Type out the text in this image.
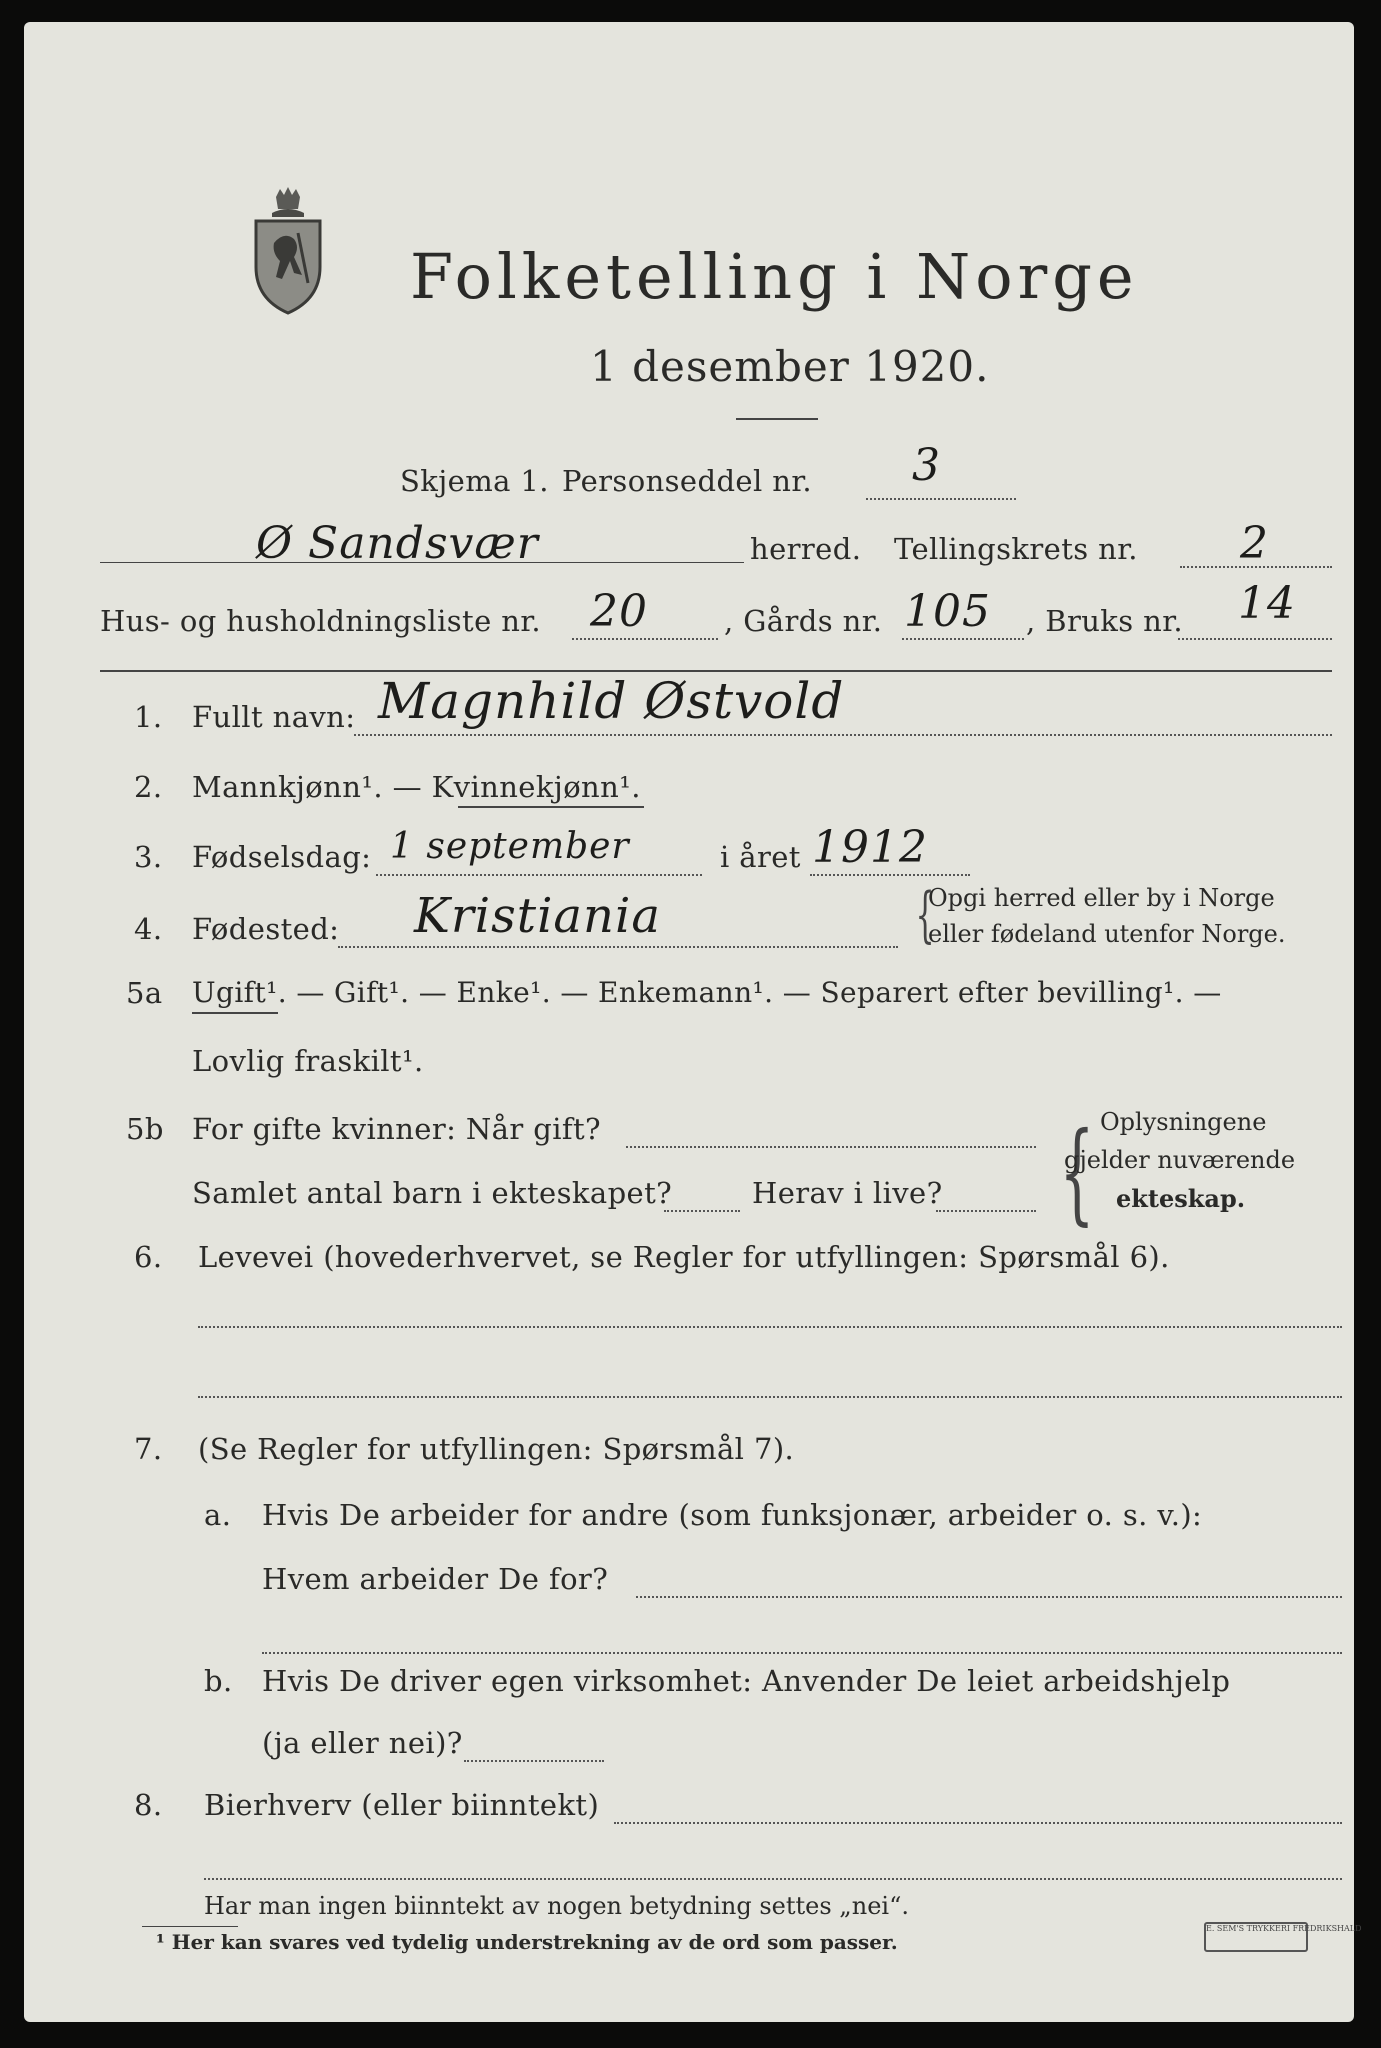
Folketelling i Norge
1 desember 1920.
Skjema 1. Personseddel nr. 3
Ø Sandsvær	herred. Tellingskrets nr. 2
Hus- og husholdningsliste nr. 20	, Gårds nr. 105 , Bruks nr. 14
1. Fullt navn: Magnhild Østvold
2. Mannkjønn¹. — Kvinnekjønn¹.
3. Fødselsdag: 1 september	i året 1912
4. Fødested: Kristiania	{
Opgi herred eller by i Norge
eller fødeland utenfor Norge.
5a Ugift¹. — Gift¹. — Enke¹. — Enkemann¹. — Separert efter bevilling¹. —
Lovlig fraskilt¹.
5b For gifte kvinner: Når gift?
Samlet antal barn i ekteskapet?	Herav i live? { Oplysningene
gjelder nuværende
ekteskap.
6. Levevei (hovederhvervet, se Regler for utfyllingen: Spørsmål 6).
7. (Se Regler for utfyllingen: Spørsmål 7).
a. Hvis De arbeider for andre (som funksjonær, arbeider o. s. v.):
Hvem arbeider De for?
b. Hvis De driver egen virksomhet: Anvender De leiet arbeidshjelp
(ja eller nei)?
8. Bierhverv (eller biinntekt)
Har man ingen biinntekt av nogen betydning settes „nei“.
¹ Her kan svares ved tydelig understrekning av de ord som passer.
E. SEM'S TRYKKERI FREDRIKSHALD
